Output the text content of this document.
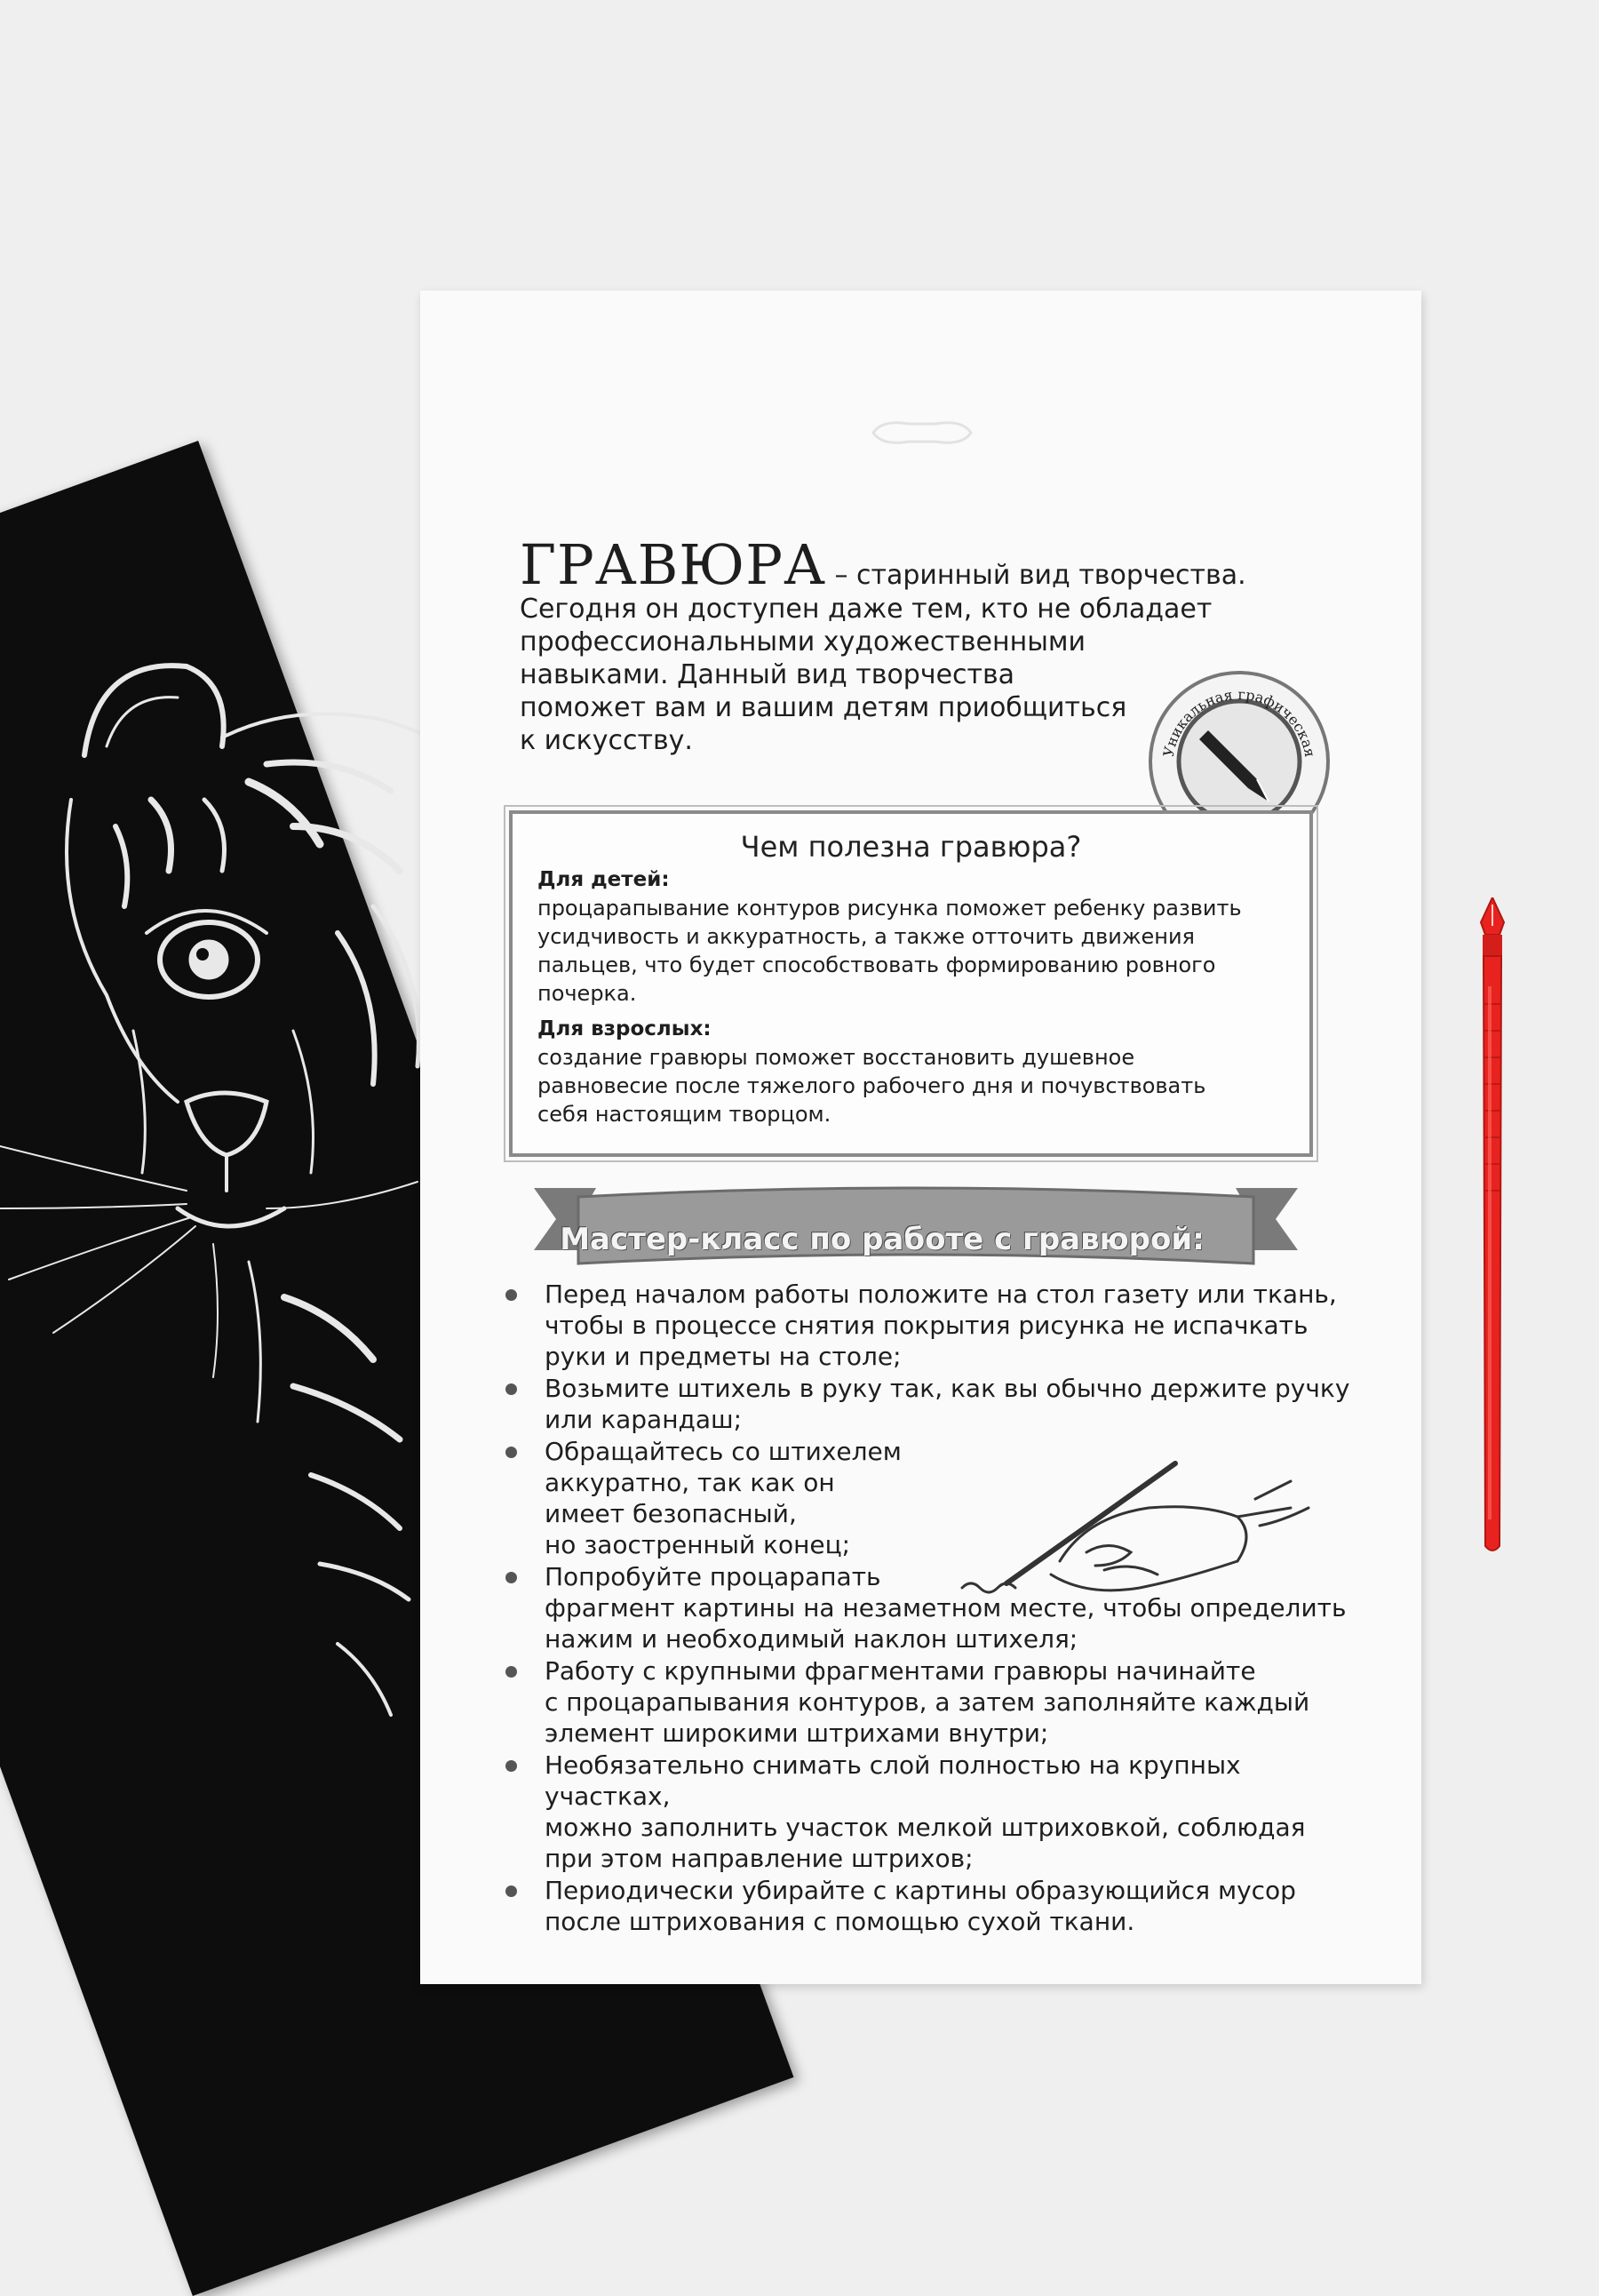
ГРАВЮРА – старинный вид творчества.
Сегодня он доступен даже тем, кто не обладает
профессиональными художественными
навыками. Данный вид творчества
поможет вам и вашим детям приобщиться
к искусству.	Уникальная графическая
Чем полезна гравюра?
Для детей:
процарапывание контуров рисунка поможет ребенку развить
усидчивость и аккуратность, а также отточить движения
пальцев, что будет способствовать формированию ровного
почерка.
Для взрослых:
создание гравюры поможет восстановить душевное
равновесие после тяжелого рабочего дня и почувствовать
себя настоящим творцом.
Мастер-класс по работе с гравюрой:
Перед началом работы положите на стол газету или ткань,
чтобы в процессе снятия покрытия рисунка не испачкать
руки и предметы на столе;
Возьмите штихель в руку так, как вы обычно держите ручку
или карандаш;
Обращайтесь со штихелем
аккуратно, так как он
имеет безопасный,
но заостренный конец;
Попробуйте процарапать
фрагмент картины на незаметном месте, чтобы определить
нажим и необходимый наклон штихеля;
Работу с крупными фрагментами гравюры начинайте
с процарапывания контуров, а затем заполняйте каждый
элемент широкими штрихами внутри;
Необязательно снимать слой полностью на крупных участках,
можно заполнить участок мелкой штриховкой, соблюдая
при этом направление штрихов;
Периодически убирайте с картины образующийся мусор
после штрихования с помощью сухой ткани.
